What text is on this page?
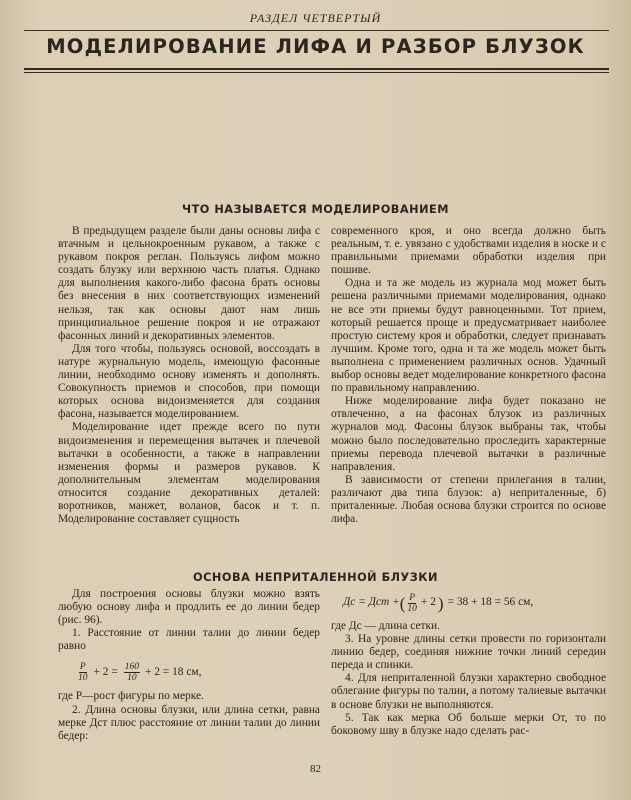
РАЗДЕЛ ЧЕТВЕРТЫЙ
МОДЕЛИРОВАНИЕ ЛИФА И РАЗБОР БЛУЗОК
ЧТО НАЗЫВАЕТСЯ МОДЕЛИРОВАНИЕМ

В предыдущем разделе были даны основы лифа с втачным и цельнокроенным рукавом, а также с рукавом покроя реглан. Пользуясь лифом можно создать блузку или верхнюю часть платья. Однако для выполнения какого-либо фасона брать основы без внесения в них соответствующих изменений нельзя, так как основы дают нам лишь принципиальное решение покроя и не отражают фасонных линий и декоративных элементов.

Для того чтобы, пользуясь основой, воссоздать в натуре журнальную модель, имеющую фасонные линии, необходимо основу изменять и дополнять. Совокупность приемов и способов, при помощи которых основа видоизменяется для создания фасона, называется моделированием.

Моделирование идет прежде всего по пути видоизменения и перемещения вытачек и плечевой вытачки в особенности, а также в направлении изменения формы и размеров рукавов. К дополнительным элементам моделирования относится создание декоративных деталей: воротников, манжет, воланов, басок и т. п. Моделирование составляет сущность

современного кроя, и оно всегда должно быть реальным, т. е. увязано с удобствами изделия в носке и с правильными приемами обработки изделия при пошиве.

Одна и та же модель из журнала мод может быть решена различными приемами моделирования, однако не все эти приемы будут равноценными. Тот прием, который решается проще и предусматривает наиболее простую систему кроя и обработки, следует признавать лучшим. Кроме того, одна и та же модель может быть выполнена с применением различных основ. Удачный выбор основы ведет моделирование конкретного фасона по правильному направлению.

Ниже моделирование лифа будет показано не отвлеченно, а на фасонах блузок из различных журналов мод. Фасоны блузок выбраны так, чтобы можно было последовательно проследить характерные приемы перевода плечевой вытачки в различные направления.

В зависимости от степени прилегания в талии, различают два типа блузок: а) неприталенные, б) приталенные. Любая основа блузки строится по основе лифа.

ОСНОВА НЕПРИТАЛЕННОЙ БЛУЗКИ

Для построения основы блузки можно взять любую основу лифа и продлить ее до линии бедер (рис. 96).

1. Расстояние от линии талии до линии бедер равно

$\frac{Р}{10} + 2 = \frac{160}{10} + 2 = 18$ см,

где Р—рост фигуры по мерке.

2. Длина основы блузки, или длина сетки, равна мерке Дcт плюс расстояние от линии талии до линии бедер:

Дс = Дcт + ( $\frac{Р}{10} + 2$ ) = 38 + 18 = 56 см,

где Дс — длина сетки.

3. На уровне длины сетки провести по горизонтали линию бедер, соединяя нижние точки линий середин переда и спинки.

4. Для неприталенной блузки характерно свободное облегание фигуры по талии, а потому талиевые вытачки в основе блузки не выполняются.

5. Так как мерка Об больше мерки От, то по боковому шву в блузке надо сделать рас-

82
